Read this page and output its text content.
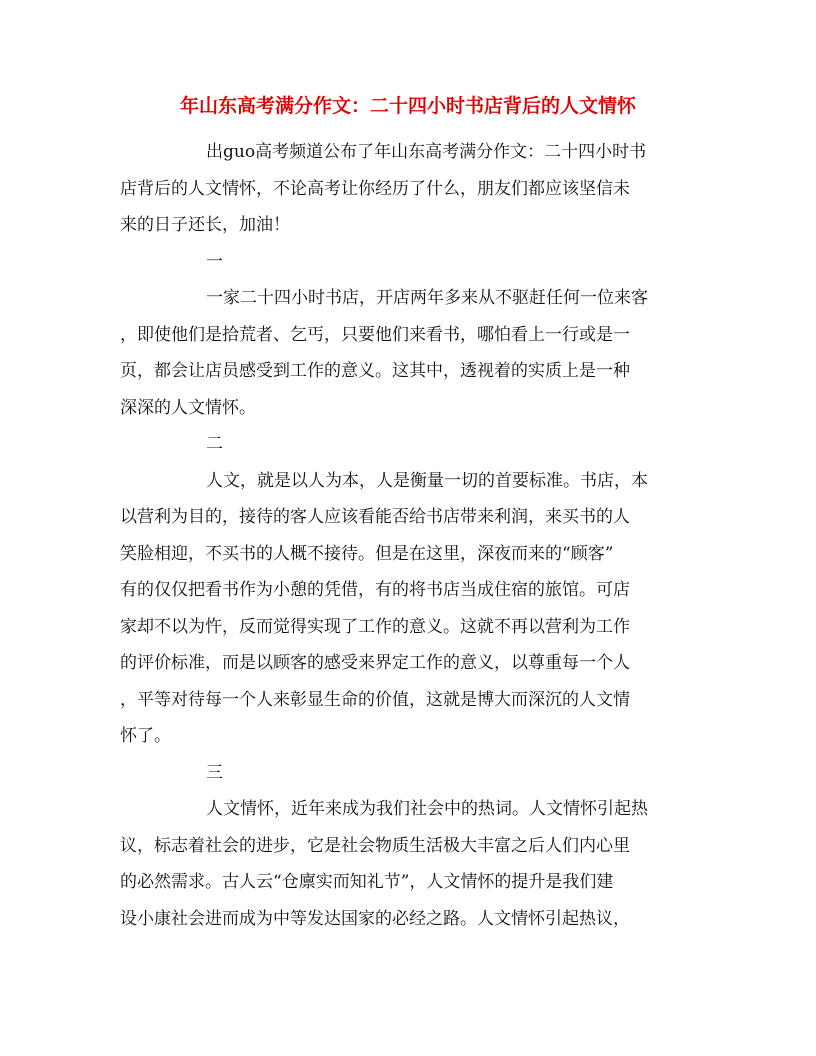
年山东高考满分作文：二十四小时书店背后的人文情怀

出guo高考频道公布了年山东高考满分作文：二十四小时书
店背后的人文情怀，不论高考让你经历了什么，朋友们都应该坚信未
来的日子还长，加油！

一

一家二十四小时书店，开店两年多来从不驱赶任何一位来客
，即使他们是拾荒者、乞丐，只要他们来看书，哪怕看上一行或是一
页，都会让店员感受到工作的意义。这其中，透视着的实质上是一种
深深的人文情怀。

二

人文，就是以人为本，人是衡量一切的首要标准。书店，本
以营利为目的，接待的客人应该看能否给书店带来利润，来买书的人
笑脸相迎，不买书的人概不接待。但是在这里，深夜而来的“顾客”
有的仅仅把看书作为小憩的凭借，有的将书店当成住宿的旅馆。可店
家却不以为忤，反而觉得实现了工作的意义。这就不再以营利为工作
的评价标准，而是以顾客的感受来界定工作的意义，以尊重每一个人
，平等对待每一个人来彰显生命的价值，这就是博大而深沉的人文情
怀了。

三

人文情怀，近年来成为我们社会中的热词。人文情怀引起热
议，标志着社会的进步，它是社会物质生活极大丰富之后人们内心里
的必然需求。古人云“仓廪实而知礼节”，人文情怀的提升是我们建
设小康社会进而成为中等发达国家的必经之路。人文情怀引起热议，
